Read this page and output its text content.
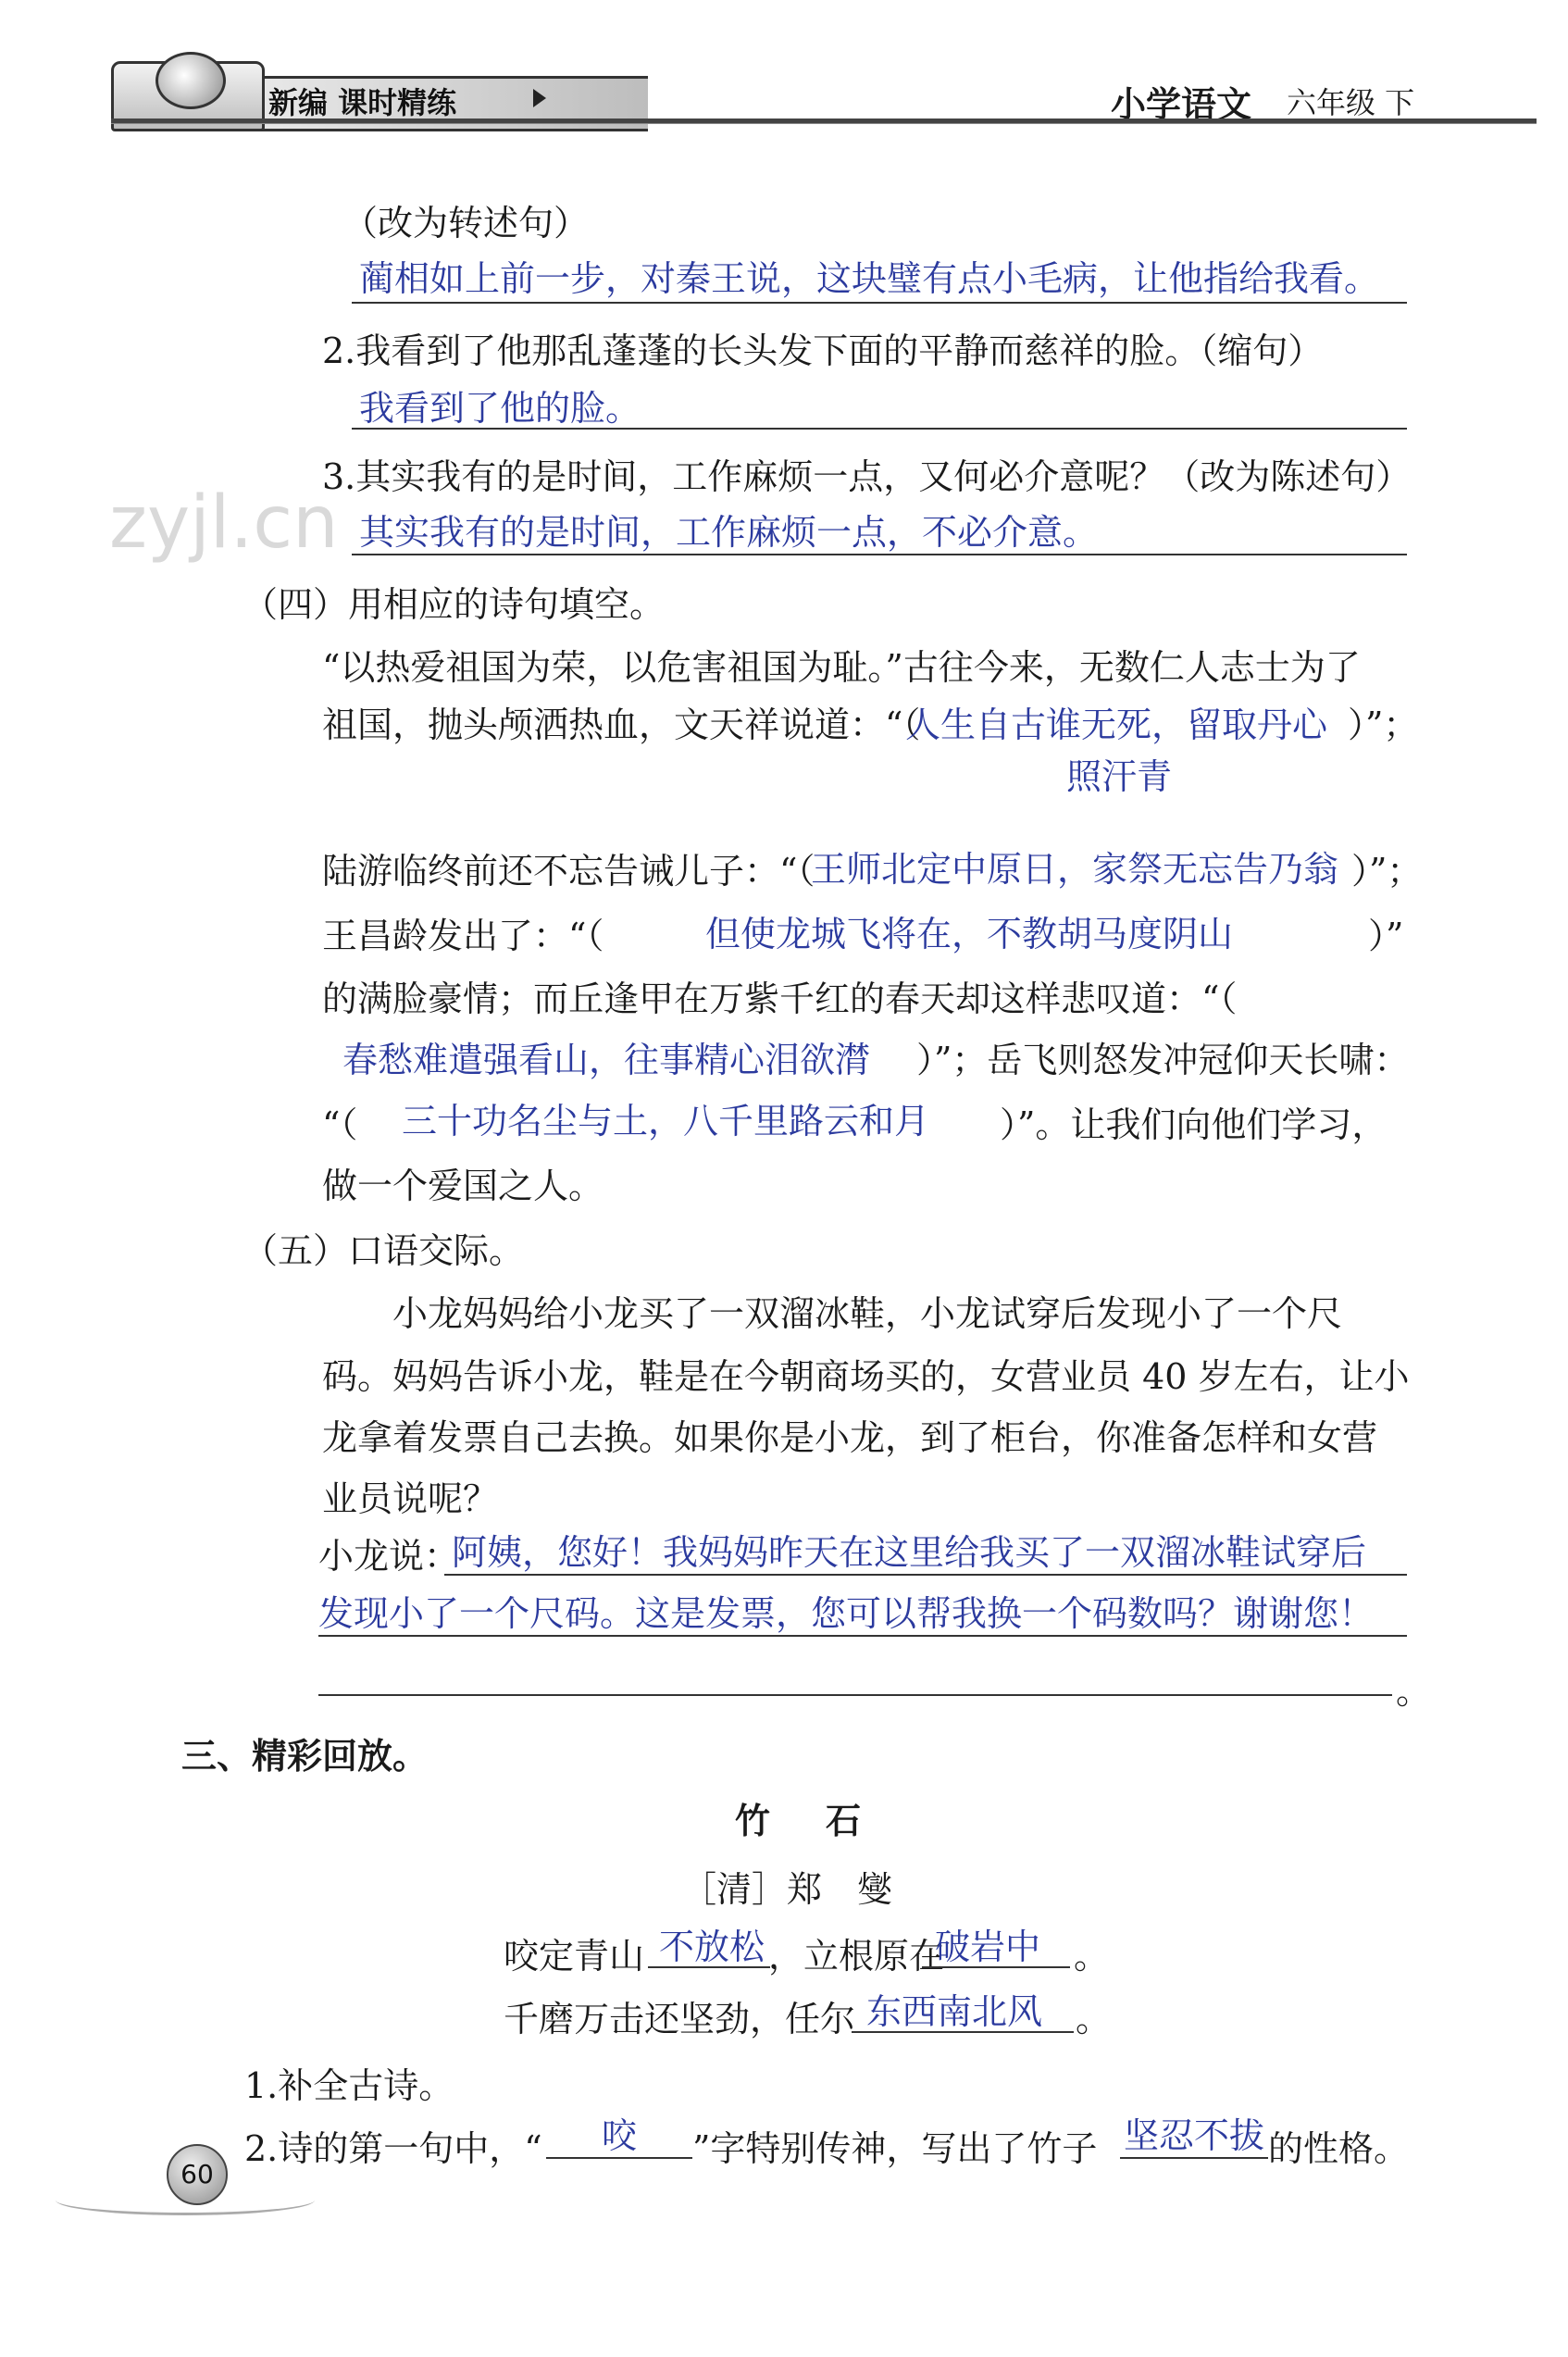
新编 课时精练	小学语文 六年级 下
zyjl.cn
（改为转述句）
蔺相如上前一步，对秦王说，这块璧有点小毛病，让他指给我看。
2.我看到了他那乱蓬蓬的长头发下面的平静而慈祥的脸。（缩句）
我看到了他的脸。
3.其实我有的是时间，工作麻烦一点，又何必介意呢？（改为陈述句）
其实我有的是时间，工作麻烦一点，不必介意。
（四）用相应的诗句填空。
“以热爱祖国为荣，以危害祖国为耻。”古往今来，无数仁人志士为了
祖国，抛头颅洒热血，文天祥说道：“（
人生自古谁无死，留取丹心 ）”；
照汗青
陆游临终前还不忘告诫儿子：“（
王师北定中原日，家祭无忘告乃翁 ）”；
王昌龄发出了：“（	但使龙城飞将在，不教胡马度阴山	）”
的满脸豪情；而丘逢甲在万紫千红的春天却这样悲叹道：“（
春愁难遣强看山，往事精心泪欲潸 ）”；岳飞则怒发冲冠仰天长啸：
“（ 三十功名尘与土，八千里路云和月 ）”。让我们向他们学习，
做一个爱国之人。
（五）口语交际。
小龙妈妈给小龙买了一双溜冰鞋，小龙试穿后发现小了一个尺
码。妈妈告诉小龙，鞋是在今朝商场买的，女营业员 40 岁左右，让小
龙拿着发票自己去换。如果你是小龙，到了柜台，你准备怎样和女营
业员说呢？
小龙说：
阿姨，您好！我妈妈昨天在这里给我买了一双溜冰鞋试穿后
发现小了一个尺码。这是发票，您可以帮我换一个码数吗？谢谢您！
。
三、精彩回放。
竹石
［清］郑　燮
咬定青山 不放松 ，立根原在
破岩中 。
千磨万击还坚劲，任尔 东西南北风 。
1.补全古诗。
2.诗的第一句中，“ 咬 ”字特别传神，写出了竹子 坚忍不拔 的性格。
60
